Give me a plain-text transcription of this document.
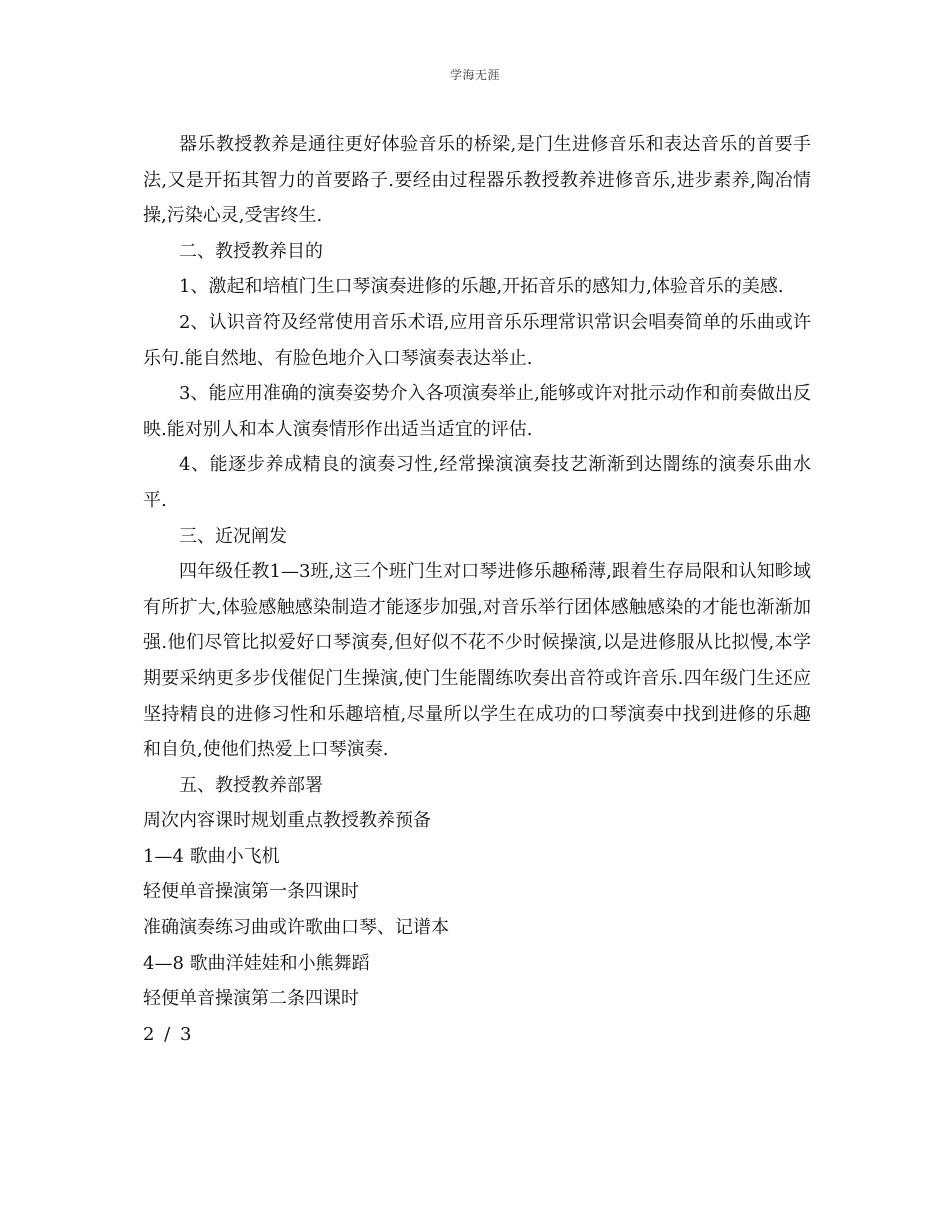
学海无涯

器乐教授教养是通往更好体验音乐的桥梁,是门生进修音乐和表达音乐的首要手法,又是开拓其智力的首要路子.要经由过程器乐教授教养进修音乐,进步素养,陶冶情操,污染心灵,受害终生.

二、教授教养目的

1、激起和培植门生口琴演奏进修的乐趣,开拓音乐的感知力,体验音乐的美感.

2、认识音符及经常使用音乐术语,应用音乐乐理常识常识会唱奏简单的乐曲或许乐句.能自然地、有脸色地介入口琴演奏表达举止.

3、能应用准确的演奏姿势介入各项演奏举止,能够或许对批示动作和前奏做出反映.能对别人和本人演奏情形作出适当适宜的评估.

4、能逐步养成精良的演奏习性,经常操演演奏技艺渐渐到达闇练的演奏乐曲水平.

三、近况阐发

四年级任教1—3班,这三个班门生对口琴进修乐趣稀薄,跟着生存局限和认知畛域有所扩大,体验感触感染制造才能逐步加强,对音乐举行团体感触感染的才能也渐渐加强.他们尽管比拟爱好口琴演奏,但好似不花不少时候操演,以是进修服从比拟慢,本学期要采纳更多步伐催促门生操演,使门生能闇练吹奏出音符或许音乐.四年级门生还应坚持精良的进修习性和乐趣培植,尽量所以学生在成功的口琴演奏中找到进修的乐趣和自负,使他们热爱上口琴演奏.

五、教授教养部署

周次内容课时规划重点教授教养预备

1—4 歌曲小飞机

轻便单音操演第一条四课时

准确演奏练习曲或许歌曲口琴、记谱本

4—8 歌曲洋娃娃和小熊舞蹈

轻便单音操演第二条四课时

2 / 3
